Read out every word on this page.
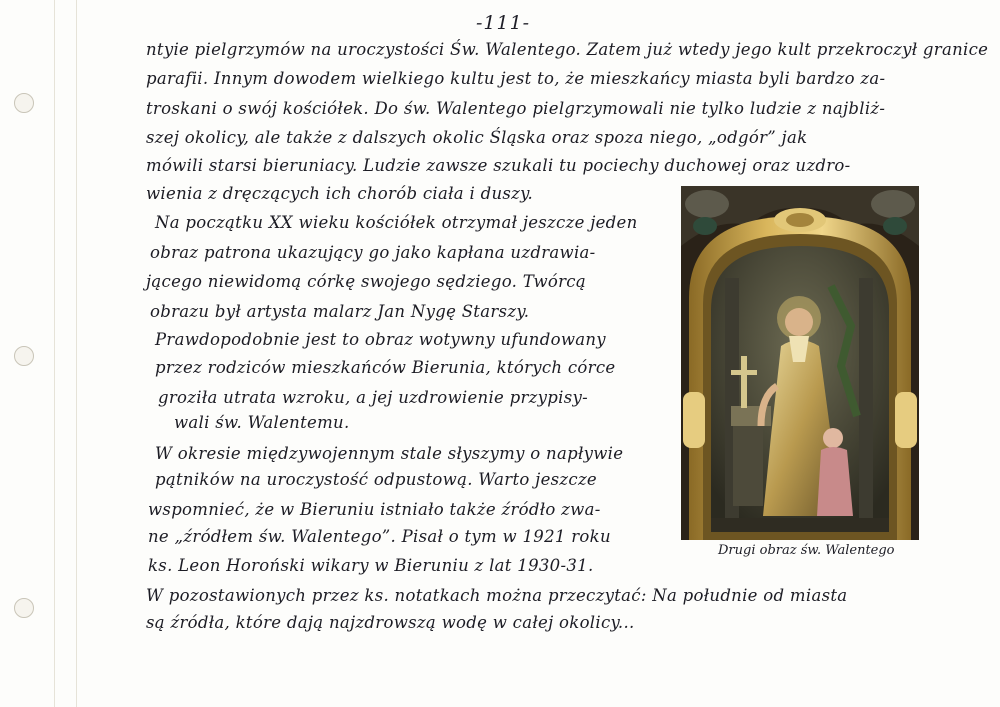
-111-

ntyie pielgrzymów na uroczystości Św. Walentego. Zatem już wtedy jego kult przekroczył granice

parafii. Innym dowodem wielkiego kultu jest to, że mieszkańcy miasta byli bardzo za-

troskani o swój kościółek. Do św. Walentego pielgrzymowali nie tylko ludzie z najbliż-

szej okolicy, ale także z dalszych okolic Śląska oraz spoza niego, „odgór” jak

mówili starsi bieruniacy. Ludzie zawsze szukali tu pociechy duchowej oraz uzdro-

wienia z dręczących ich chorób ciała i duszy.

Na początku XX wieku kościółek otrzymał jeszcze jeden

obraz patrona ukazujący go jako kapłana uzdrawia-

jącego niewidomą córkę swojego sędziego. Twórcą

obrazu był artysta malarz Jan Nygę Starszy.

Prawdopodobnie jest to obraz wotywny ufundowany

przez rodziców mieszkańców Bierunia, których córce

groziła utrata wzroku, a jej uzdrowienie przypisy-

wali św. Walentemu.

W okresie międzywojennym stale słyszymy o napływie

pątników na uroczystość odpustową. Warto jeszcze

wspomnieć, że w Bieruniu istniało także źródło zwa-

ne „źródłem św. Walentego”. Pisał o tym w 1921 roku

ks. Leon Horoński wikary w Bieruniu z lat 1930-31.

W pozostawionych przez ks. notatkach można przeczytać: Na południe od miasta

są źródła, które dają najzdrowszą wodę w całej okolicy...

Drugi obraz św. Walentego
